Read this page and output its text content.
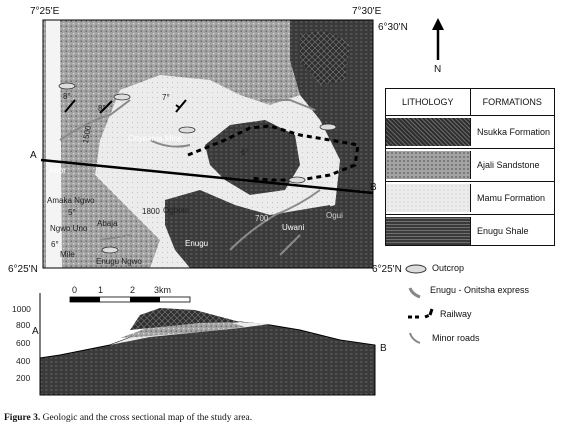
7°25'E	7°30'E
6°30'N
6°25'N	6°25'N
N
A
B
Onyeama Mine
Abor
Amaka Ngwo
Ngwo Uno
Abaja
Mile
Enugu Ngwo
Ogbete
Enugu
Uwani
Ogui
1500
1800
700
8°
8°
7°
6°
5°
6°
LITHOLOGY	FORMATIONS
Nsukka Formation
Ajali Sandstone
Mamu Formation
Enugu Shale
Outcrop
Enugu - Onitsha express
Railway
Minor roads
0 1	2 3km
1000
800
600
400
200
A
B
Figure 3. Geologic and the cross sectional map of the study area.
